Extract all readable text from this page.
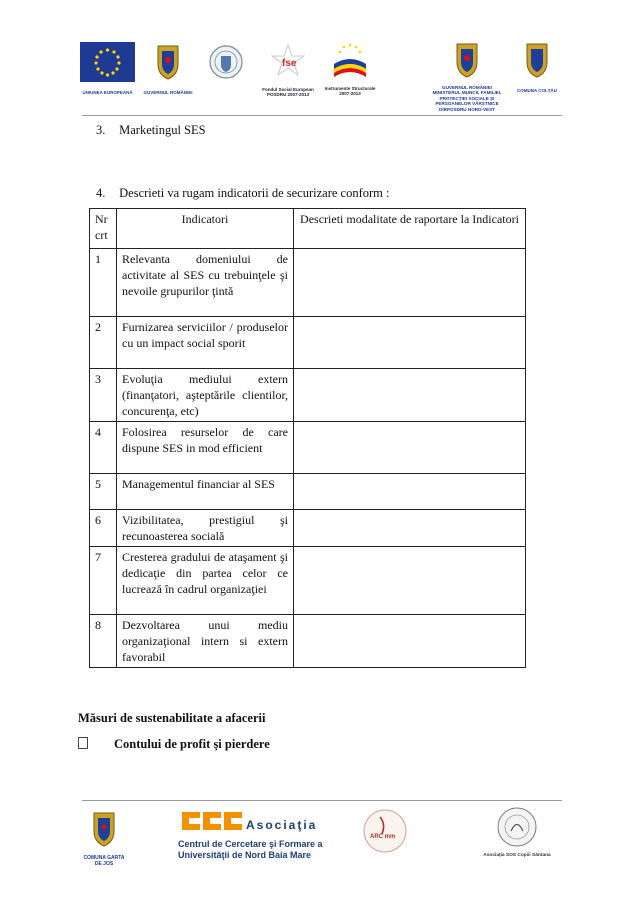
UNIUNEA EUROPEANĂ	GUVERNUL ROMÂNIEI
fse
Fondul Social European POSDRU 2007-2013
Instrumente Structurale 2007-2013
GUVERNUL ROMÂNIEI MINISTERUL MUNCII, FAMILIEI, PROTECŢIEI SOCIALE ŞI PERSOANELOR VÂRSTNICE DIRPOSDRU NORD-VEST
COMUNA COLŢĂU
3. Marketingul SES
4. Descrieti va rugam indicatorii de securizare conform :
Nr crt	Indicatori	Descrieti modalitate de raportare la Indicatori
1	Relevanta domeniului de activitate al SES cu trebuinţele şi nevoile grupurilor ţintă	
2	Furnizarea serviciilor / produselor cu un impact social sporit	
3	Evoluţia mediului extern (finanţatori, aşteptările clientilor, concurenţa, etc)	
4	Folosirea resurselor de care dispune SES in mod efficient	
5	Managementul financiar al SES	
6	Vizibilitatea, prestigiul şi recunoasterea socială	
7	Cresterea gradului de ataşament şi dedicaţie din partea celor ce lucrează în cadrul organizaţiei	
8	Dezvoltarea unui mediu organizaţional intern si extern favorabil	
Măsuri de sustenabilitate a afacerii
Contului de profit şi pierdere
COMUNA GARTA DE JOS
Asociaţia
Centrul de Cercetare şi Formare a
Universităţii de Nord Baia Mare
ARC mm
Asociaţia SOS Copiii Săntana
